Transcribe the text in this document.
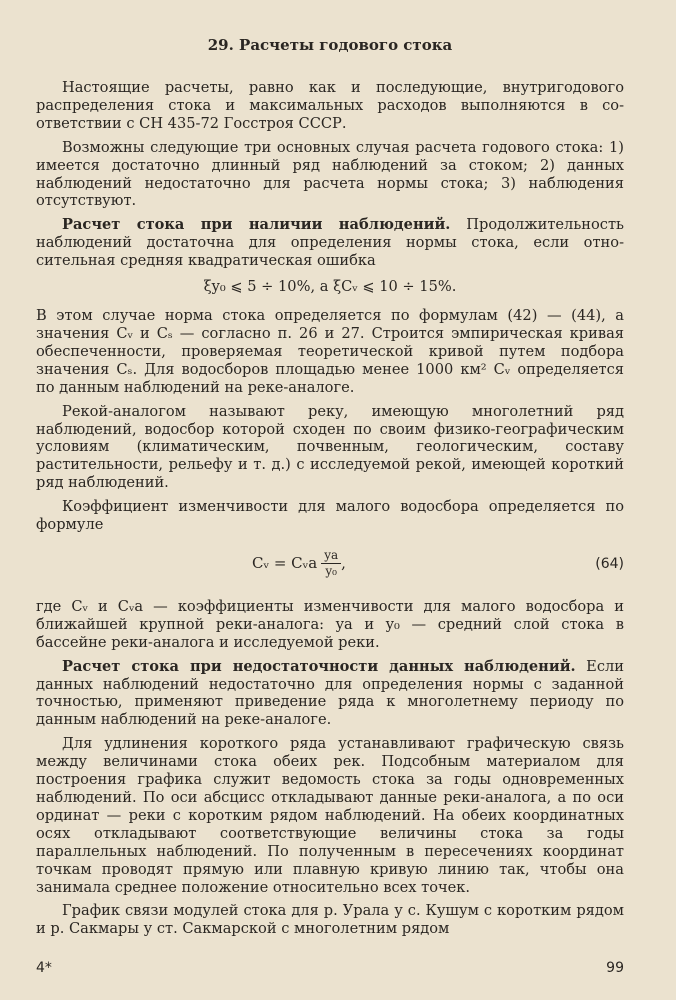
29. Расчеты годового стока

Настоящие расчеты, равно как и последующие, внутригодового распределения стока и максимальных расходов выполняются в соответствии с СН 435-72 Госстроя СССР.

Возможны следующие три основных случая расчета годового стока: 1) имеется достаточно длинный ряд наблюдений за стоком; 2) данных наблюдений недостаточно для расчета нормы стока; 3) наблюдения отсутствуют.

Расчет стока при наличии наблюдений. Продолжительность наблюдений достаточна для определения нормы стока, если относительная средняя квадратическая ошибка

ξy₀ ⩽ 5 ÷ 10%, а ξCᵥ ⩽ 10 ÷ 15%.

В этом случае норма стока определяется по формулам (42) — (44), а значения Cᵥ и Cₛ — согласно п. 26 и 27. Строится эмпирическая кривая обеспеченности, проверяемая теоретической кривой путем подбора значения Cₛ. Для водосборов площадью менее 1000 км² Cᵥ определяется по данным наблюдений на реке-аналоге.

Рекой-аналогом называют реку, имеющую многолетний ряд наблюдений, водосбор которой сходен по своим физико-географическим условиям (климатическим, почвенным, геологическим, составу растительности, рельефу и т. д.) с исследуемой рекой, имеющей короткий ряд наблюдений.

Коэффициент изменчивости для малого водосбора определяется по формуле

Cᵥ = Cᵥа $\frac{yа}{\text{y₀}}$ ,	(64)

где Cᵥ и Cᵥа — коэффициенты изменчивости для малого водосбора и ближайшей крупной реки-аналога: yа и y₀ — средний слой стока в бассейне реки-аналога и исследуемой реки.

Расчет стока при недостаточности данных наблюдений. Если данных наблюдений недостаточно для определения нормы с заданной точностью, применяют приведение ряда к многолетнему периоду по данным наблюдений на реке-аналоге.

Для удлинения короткого ряда устанавливают графическую связь между величинами стока обеих рек. Подсобным материалом для построения графика служит ведомость стока за годы одновременных наблюдений. По оси абсцисс откладывают данные реки-аналога, а по оси ординат — реки с коротким рядом наблюдений. На обеих координатных осях откладывают соответствующие величины стока за годы параллельных наблюдений. По полученным в пересечениях координат точкам проводят прямую или плавную кривую линию так, чтобы она занимала среднее положение относительно всех точек.

График связи модулей стока для р. Урала у с. Кушум с коротким рядом и р. Сакмары у ст. Сакмарской с многолетним рядом

4*	99
